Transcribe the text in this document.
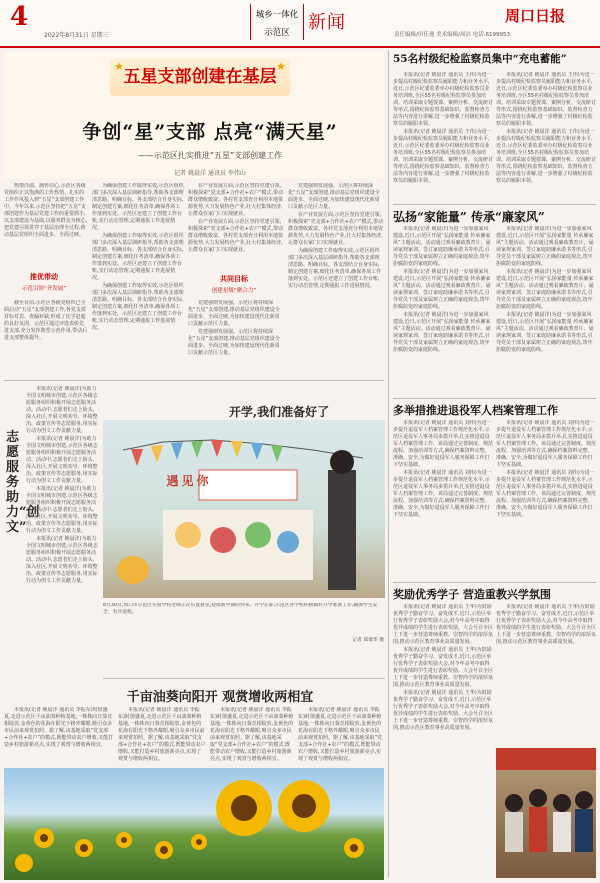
4
2022年8月31日 星期三
城乡一体化
示范区	新闻	周口日报
责任编辑/田佳逸 美术编辑/周洁 电话:6199953
五星支部创建在基层
★	★
争创“星”支部 点亮“满天星”
——示范区扎实推进“五星”支部创建工作
记者 姚晨洋 通讯员 李伟山

热情洋溢、满怀信心,示范区各级党组织正以饱满的工作热情、扎实的工作作风投入到“五星”支部创建工作中。今年以来,示范区坚持把“五星”支部创建作为基层党建工作的重要抓手,以支部建设为基础,以服务群众为核心,把党建引领贯穿于基层治理全过程,推动基层党组织全面进步、全面过硬。

推优带动
示范引领“齐发展”

截至目前,示范区各级党组织已全面启动“五星”支部创建工作,各党支部对标对表、查漏补缺,形成了比学赶超的良好氛围。示范区通过评选表彰先进支部,充分发挥典型示范作用,带动后进支部整体提升。

为确保创建工作取得实效,示范区组织部门多次深入基层调研指导,帮助各支部理清思路、明确目标。各支部结合自身实际,制定创建方案,细化任务清单,确保各项工作落到实处。示范区还建立了创建工作台账,实行动态管理,定期通报工作进展情况。

为确保创建工作取得实效,示范区组织部门多次深入基层调研指导,帮助各支部理清思路、明确目标。各支部结合自身实际,制定创建方案,细化任务清单,确保各项工作落到实处。示范区还建立了创建工作台账,实行动态管理,定期通报工作进展情况。

为确保创建工作取得实效,示范区组织部门多次深入基层调研指导,帮助各支部理清思路、明确目标。各支部结合自身实际,制定创建方案,细化任务清单,确保各项工作落到实处。示范区还建立了创建工作台账,实行动态管理,定期通报工作进展情况。

在产业发展方面,示范区坚持党建引领,积极探索“党支部+合作社+农户”模式,带动群众增收致富。各村党支部充分利用本地资源优势,大力发展特色产业,壮大村集体经济,让群众在家门口实现就业。

在产业发展方面,示范区坚持党建引领,积极探索“党支部+合作社+农户”模式,带动群众增收致富。各村党支部充分利用本地资源优势,大力发展特色产业,壮大村集体经济,让群众在家门口实现就业。

共同目标
创建星级“聚合力”

党建强则发展强。示范区将持续深化“五星”支部创建,推动基层党组织建设全面进步、全面过硬,为加快建设现代化新周口贡献示范区力量。

党建强则发展强。示范区将持续深化“五星”支部创建,推动基层党组织建设全面进步、全面过硬,为加快建设现代化新周口贡献示范区力量。

党建强则发展强。示范区将持续深化“五星”支部创建,推动基层党组织建设全面进步、全面过硬,为加快建设现代化新周口贡献示范区力量。

在产业发展方面,示范区坚持党建引领,积极探索“党支部+合作社+农户”模式,带动群众增收致富。各村党支部充分利用本地资源优势,大力发展特色产业,壮大村集体经济,让群众在家门口实现就业。

为确保创建工作取得实效,示范区组织部门多次深入基层调研指导,帮助各支部理清思路、明确目标。各支部结合自身实际,制定创建方案,细化任务清单,确保各项工作落到实处。示范区还建立了创建工作台账,实行动态管理,定期通报工作进展情况。

志愿服务助力“创文”

本报讯(记者 姚晨洋)为助力全国文明城市创建,示范区各级志愿服务组织积极开展志愿服务活动。活动中,志愿者们走上街头、深入社区,开展文明劝导、环境整治、政策宣传等志愿服务,用实际行动为创文工作贡献力量。

本报讯(记者 姚晨洋)为助力全国文明城市创建,示范区各级志愿服务组织积极开展志愿服务活动。活动中,志愿者们走上街头、深入社区,开展文明劝导、环境整治、政策宣传等志愿服务,用实际行动为创文工作贡献力量。

本报讯(记者 姚晨洋)为助力全国文明城市创建,示范区各级志愿服务组织积极开展志愿服务活动。活动中,志愿者们走上街头、深入社区,开展文明劝导、环境整治、政策宣传等志愿服务,用实际行动为创文工作贡献力量。

本报讯(记者 姚晨洋)为助力全国文明城市创建,示范区各级志愿服务组织积极开展志愿服务活动。活动中,志愿者们走上街头、深入社区,开展文明劝导、环境整治、政策宣传等志愿服务,用实际行动为创文工作贡献力量。

开学,我们准备好了
遇见你
8月30日,周口市示范区实验学校老师正在布置教室,迎接新学期的到来。开学在即,示范区各学校积极做好开学准备工作,确保学生安全、有序返校。
记者 郑瑞华 摄
千亩油葵向阳开 观赏增收两相宜

本报讯(记者 姚晨洋 通讯员 李振东)时值盛夏,走进示范区千亩油葵种植基地,一株株向日葵竞相绽放,金黄色的花海在阳光下格外耀眼,吸引众多市民前来观赏拍照。据了解,该基地采取“党支部+合作社+农户”的模式,既能带动农户增收,又能打造乡村旅游新亮点,实现了观赏与增收两相宜。

本报讯(记者 姚晨洋 通讯员 李振东)时值盛夏,走进示范区千亩油葵种植基地,一株株向日葵竞相绽放,金黄色的花海在阳光下格外耀眼,吸引众多市民前来观赏拍照。据了解,该基地采取“党支部+合作社+农户”的模式,既能带动农户增收,又能打造乡村旅游新亮点,实现了观赏与增收两相宜。

本报讯(记者 姚晨洋 通讯员 李振东)时值盛夏,走进示范区千亩油葵种植基地,一株株向日葵竞相绽放,金黄色的花海在阳光下格外耀眼,吸引众多市民前来观赏拍照。据了解,该基地采取“党支部+合作社+农户”的模式,既能带动农户增收,又能打造乡村旅游新亮点,实现了观赏与增收两相宜。

本报讯(记者 姚晨洋 通讯员 李振东)时值盛夏,走进示范区千亩油葵种植基地,一株株向日葵竞相绽放,金黄色的花海在阳光下格外耀眼,吸引众多市民前来观赏拍照。据了解,该基地采取“党支部+合作社+农户”的模式,既能带动农户增收,又能打造乡村旅游新亮点,实现了观赏与增收两相宜。

55名村级纪检监察员集中“充电蓄能”

本报讯(记者 姚晨洋 通讯员 王伟)为进一步提高村级纪检监察员履职能力和业务水平,近日,示范区纪委监委举办村级纪检监察员业务培训班,全区55名村级纪检监察员参加培训。培训采取专题授课、案例分析、交流研讨等形式,围绕纪检监察基础知识、监督检查方法等内容进行讲解,进一步增强了村级纪检监察员的履职本领。

本报讯(记者 姚晨洋 通讯员 王伟)为进一步提高村级纪检监察员履职能力和业务水平,近日,示范区纪委监委举办村级纪检监察员业务培训班,全区55名村级纪检监察员参加培训。培训采取专题授课、案例分析、交流研讨等形式,围绕纪检监察基础知识、监督检查方法等内容进行讲解,进一步增强了村级纪检监察员的履职本领。

本报讯(记者 姚晨洋 通讯员 王伟)为进一步提高村级纪检监察员履职能力和业务水平,近日,示范区纪委监委举办村级纪检监察员业务培训班,全区55名村级纪检监察员参加培训。培训采取专题授课、案例分析、交流研讨等形式,围绕纪检监察基础知识、监督检查方法等内容进行讲解,进一步增强了村级纪检监察员的履职本领。

本报讯(记者 姚晨洋 通讯员 王伟)为进一步提高村级纪检监察员履职能力和业务水平,近日,示范区纪委监委举办村级纪检监察员业务培训班,全区55名村级纪检监察员参加培训。培训采取专题授课、案例分析、交流研讨等形式,围绕纪检监察基础知识、监督检查方法等内容进行讲解,进一步增强了村级纪检监察员的履职本领。

弘扬“家能量” 传承“廉家风”

本报讯(记者 姚晨洋)为进一步加强家风建设,近日,示范区开展“弘扬家能量 传承廉家风”主题活动。活动通过观看廉政教育片、诵读家规家训、签订家庭助廉承诺书等形式,引导党员干部及家属树立正确的家庭观念,筑牢拒腐防变的家庭防线。

本报讯(记者 姚晨洋)为进一步加强家风建设,近日,示范区开展“弘扬家能量 传承廉家风”主题活动。活动通过观看廉政教育片、诵读家规家训、签订家庭助廉承诺书等形式,引导党员干部及家属树立正确的家庭观念,筑牢拒腐防变的家庭防线。

本报讯(记者 姚晨洋)为进一步加强家风建设,近日,示范区开展“弘扬家能量 传承廉家风”主题活动。活动通过观看廉政教育片、诵读家规家训、签订家庭助廉承诺书等形式,引导党员干部及家属树立正确的家庭观念,筑牢拒腐防变的家庭防线。

本报讯(记者 姚晨洋)为进一步加强家风建设,近日,示范区开展“弘扬家能量 传承廉家风”主题活动。活动通过观看廉政教育片、诵读家规家训、签订家庭助廉承诺书等形式,引导党员干部及家属树立正确的家庭观念,筑牢拒腐防变的家庭防线。

本报讯(记者 姚晨洋)为进一步加强家风建设,近日,示范区开展“弘扬家能量 传承廉家风”主题活动。活动通过观看廉政教育片、诵读家规家训、签订家庭助廉承诺书等形式,引导党员干部及家属树立正确的家庭观念,筑牢拒腐防变的家庭防线。

本报讯(记者 姚晨洋)为进一步加强家风建设,近日,示范区开展“弘扬家能量 传承廉家风”主题活动。活动通过观看廉政教育片、诵读家规家训、签订家庭助廉承诺书等形式,引导党员干部及家属树立正确的家庭观念,筑牢拒腐防变的家庭防线。

多举措推进退役军人档案管理工作

本报讯(记者 姚晨洋 通讯员 刘伟)为进一步提升退役军人档案管理工作规范化水平,示范区退役军人事务局多措并举,扎实推进退役军人档案管理工作。该局通过完善制度、规范流程、加强培训等方式,确保档案资料完整、准确、安全,为做好退役军人服务保障工作打下坚实基础。

本报讯(记者 姚晨洋 通讯员 刘伟)为进一步提升退役军人档案管理工作规范化水平,示范区退役军人事务局多措并举,扎实推进退役军人档案管理工作。该局通过完善制度、规范流程、加强培训等方式,确保档案资料完整、准确、安全,为做好退役军人服务保障工作打下坚实基础。

本报讯(记者 姚晨洋 通讯员 刘伟)为进一步提升退役军人档案管理工作规范化水平,示范区退役军人事务局多措并举,扎实推进退役军人档案管理工作。该局通过完善制度、规范流程、加强培训等方式,确保档案资料完整、准确、安全,为做好退役军人服务保障工作打下坚实基础。

本报讯(记者 姚晨洋 通讯员 刘伟)为进一步提升退役军人档案管理工作规范化水平,示范区退役军人事务局多措并举,扎实推进退役军人档案管理工作。该局通过完善制度、规范流程、加强培训等方式,确保档案资料完整、准确、安全,为做好退役军人服务保障工作打下坚实基础。

奖励优秀学子 营造重教兴学氛围

本报讯(记者 姚晨洋 通讯员 王华)为鼓励优秀学子勤奋学习、奋发成才,近日,示范区举行优秀学子表彰奖励大会,对今年高考中取得优异成绩的学生进行表彰奖励。大会号召全区上下进一步营造尊师重教、崇智尚学的浓厚氛围,推动示范区教育事业高质量发展。

本报讯(记者 姚晨洋 通讯员 王华)为鼓励优秀学子勤奋学习、奋发成才,近日,示范区举行优秀学子表彰奖励大会,对今年高考中取得优异成绩的学生进行表彰奖励。大会号召全区上下进一步营造尊师重教、崇智尚学的浓厚氛围,推动示范区教育事业高质量发展。

本报讯(记者 姚晨洋 通讯员 王华)为鼓励优秀学子勤奋学习、奋发成才,近日,示范区举行优秀学子表彰奖励大会,对今年高考中取得优异成绩的学生进行表彰奖励。大会号召全区上下进一步营造尊师重教、崇智尚学的浓厚氛围,推动示范区教育事业高质量发展。

本报讯(记者 姚晨洋 通讯员 王华)为鼓励优秀学子勤奋学习、奋发成才,近日,示范区举行优秀学子表彰奖励大会,对今年高考中取得优异成绩的学生进行表彰奖励。大会号召全区上下进一步营造尊师重教、崇智尚学的浓厚氛围,推动示范区教育事业高质量发展。
